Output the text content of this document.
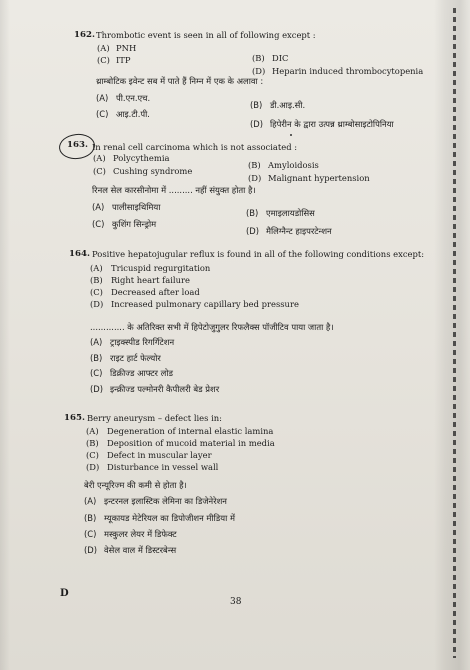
162. Thrombotic event is seen in all of following except :
(A) PNH
(B) DIC
(C) ITP
(D) Heparin induced thrombocytopenia
थ्राम्बोटिक इवेन्ट सब में पाते हैं निम्न में एक के अलावा :
(A) पी.एन.एच.
(B) डी.आइ.सी.
(C) आइ.टी.पी.
(D) हिपेरीन के द्वारा उत्पन्न थ्राम्बोसाइटोपिनिया
163. In renal cell carcinoma which is not associated :
(A) Polycythemia
(B) Amyloidosis
(C) Cushing syndrome
(D) Malignant hypertension
रिनल सेल कारसीनोमा में ......... नहीं संयुक्त होता है।
(A) पालीसाइथिमिया
(B) एमाइलायडोसिस
(C) कुशिंग सिन्ड्रोम
(D) मैलिग्नैन्ट हाइपरटेन्शन
164. Positive hepatojugular reflux is found in all of the following conditions except:
(A) Tricuspid regurgitation
(B) Right heart failure
(C) Decreased after load
(D) Increased pulmonary capillary bed pressure
............. के अतिरिक्त सभी में हिपेटोजुगुलर रिफलैक्स पॉजीटिव पाया जाता है।
(A) ट्राइक्स्पीड रिगर्गिटेशन
(B) राइट हार्ट फेल्योर
(C) डिक्रीज्ड आफ्टर लोड
(D) इन्क्रीज्ड पल्मोनरी कैपीलरी बेड प्रेशर
165. Berry aneurysm – defect lies in:
(A) Degeneration of internal elastic lamina
(B) Deposition of mucoid material in media
(C) Defect in muscular layer
(D) Disturbance in vessel wall
बेरी एन्यूरिज्म की कमी से होता है।
(A) इन्टरनल इलास्टिक लेमिना का डिजेनेरेशन
(B) म्यूकायड मेटेरियल का डिपोजीशन मीडिया में
(C) मस्कुलर लेयर में डिफेक्ट
(D) वेसेल वाल में डिस्टरबेन्स
D
38
